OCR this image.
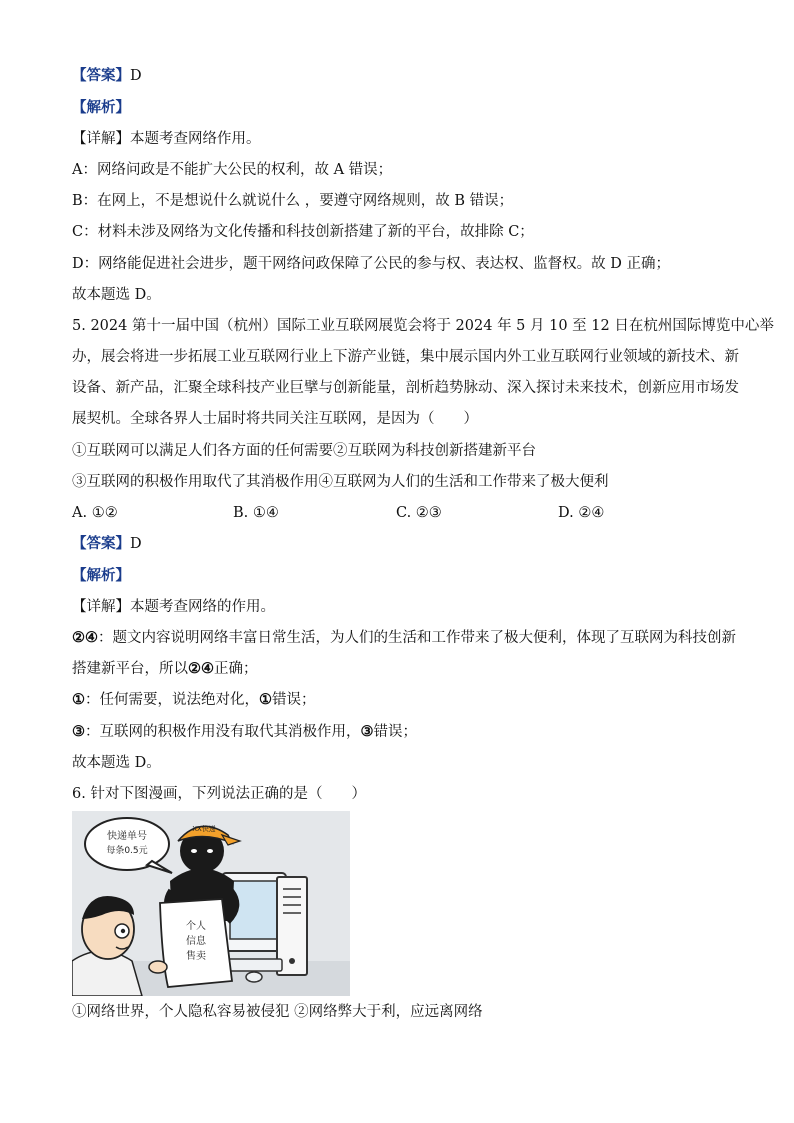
【答案】D
【解析】
【详解】本题考查网络作用。
A：网络问政是不能扩大公民的权利，故 A 错误；
B：在网上，不是想说什么就说什么 ，要遵守网络规则，故 B 错误；
C：材料未涉及网络为文化传播和科技创新搭建了新的平台，故排除 C；
D：网络能促进社会进步，题干网络问政保障了公民的参与权、表达权、监督权。故 D 正确；
故本题选 D。
5. 2024 第十一届中国（杭州）国际工业互联网展览会将于 2024 年 5 月 10 至 12 日在杭州国际博览中心举
办，展会将进一步拓展工业互联网行业上下游产业链，集中展示国内外工业互联网行业领域的新技术、新
设备、新产品，汇聚全球科技产业巨擘与创新能量，剖析趋势脉动、深入探讨未来技术，创新应用市场发
展契机。全球各界人士届时将共同关注互联网，是因为（　　）
①互联网可以满足人们各方面的任何需要②互联网为科技创新搭建新平台
③互联网的积极作用取代了其消极作用④互联网为人们的生活和工作带来了极大便利
A. ①②	B. ①④	C. ②③	D. ②④
【答案】D
【解析】
【详解】本题考查网络的作用。
②④：题文内容说明网络丰富日常生活，为人们的生活和工作带来了极大便利，体现了互联网为科技创新
搭建新平台，所以②④正确；
①：任何需要，说法绝对化，①错误；
③：互联网的积极作用没有取代其消极作用，③错误；
故本题选 D。
6. 针对下图漫画，下列说法正确的是（　　）
快递单号
每条0.5元
XX快递
个人
信息
售卖
①网络世界，个人隐私容易被侵犯 ②网络弊大于利，应远离网络
